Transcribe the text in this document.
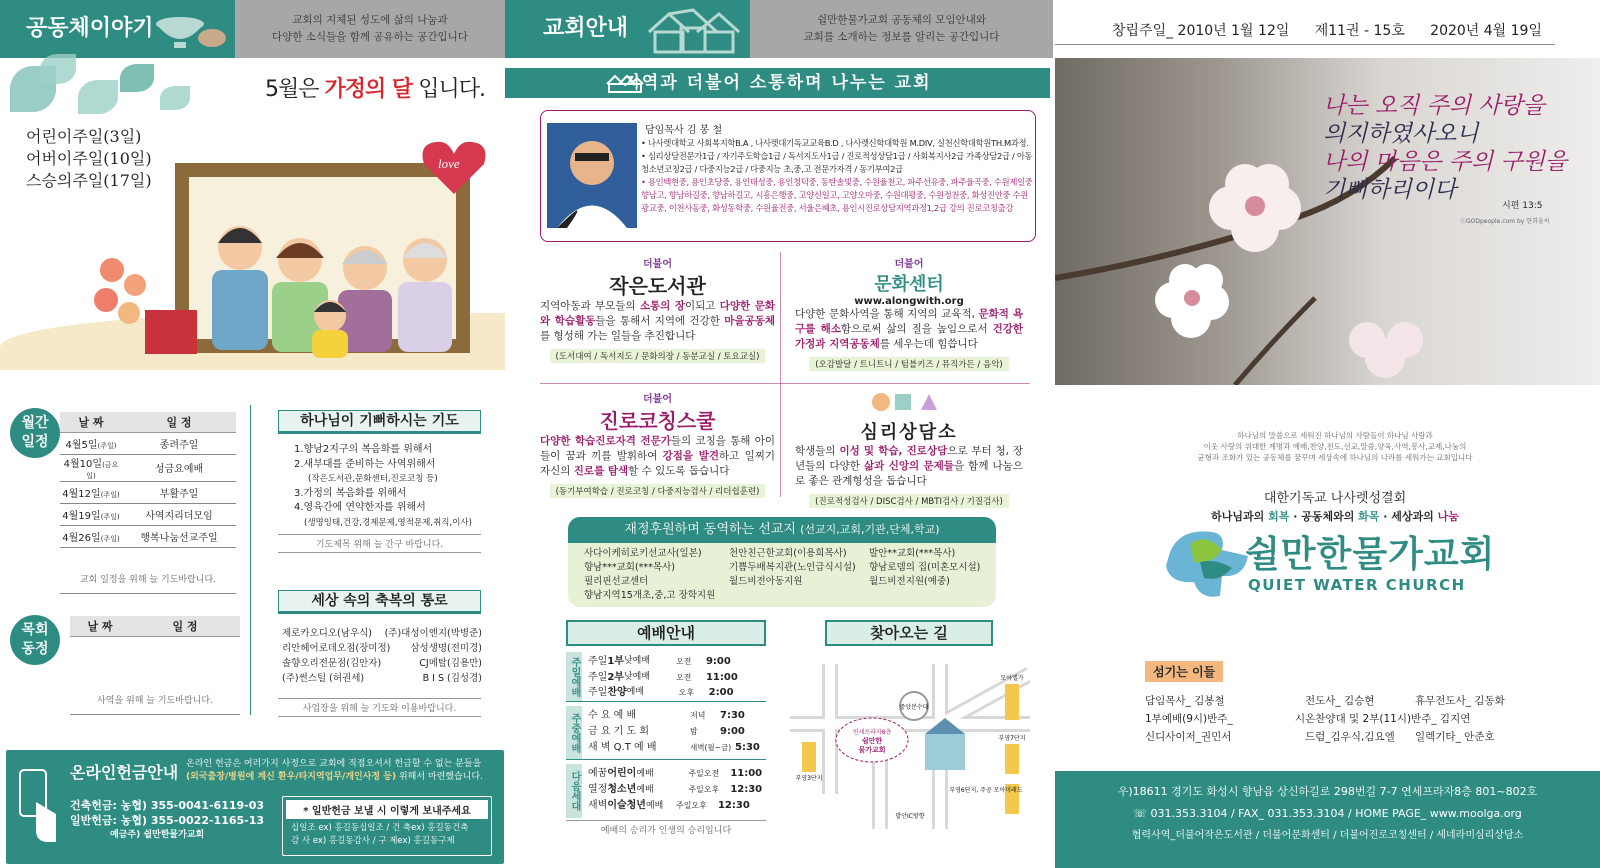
공동체이야기	교회의 지체된 성도에 삶의 나눔과
다양한 소식들을 함께 공유하는 공간입니다
love
5월은 가정의 달 입니다.
어린이주일(3일)
어버이주일(10일)
스승의주일(17일)
월간
일정
날 짜	일 정
4월5일(주일)	종려주일
4월10일(금요일)	성금요예배
4월12일(주일)	부활주일
4월19일(주일)	사역지리더모임
4월26일(주일)	행복나눔선교주일
교회 일정을 위해 늘 기도바랍니다.	
목회
동정
날 짜	일 정
사역을 위해 늘 기도바랍니다.
하나님이 기뻐하시는 기도
1.향남2지구의 복음화를 위해서
2.새부대를 준비하는 사역위해서
(작은도서관,문화센터,진로코칭 등)
3.가정의 복음화를 위해서
4.영육간에 연약한자를 위해서
(생명잉태,건강,경제문제,영적문제,취직,이사)
기도제목 위해 늘 간구 바랍니다.
세상 속의 축복의 통로
제로카오디오(남우식) (주)대성이엔지(박병준)
리안헤어로데오점(장미정) 삼성생명(전미경)
솔향오리전문점(김안자)	CJ메탈(김용만)
(주)썬스틸 (허권세)	B I S (김성경)
사업장을 위해 늘 기도와 이용바랍니다.
온라인헌금안내 온라인 헌금은 여러가지 사정으로 교회에 직접오셔서 헌금할 수 없는 분들을
(외국출장/병원에 계신 환우/타지역업무/개인사정 등) 위해서 마련했습니다.
건축헌금: 농협) 355-0041-6119-03
일반헌금: 농협) 355-0022-1165-13
예금주) 쉴만한물가교회
* 일반헌금 보낼 시 이렇게 보내주세요
십일조 ex) 홍길동십일조 / 건 축ex) 홍길동건축
감 사 ex) 홍길동감사 / 구 제ex) 홍길동구제
교회안내	쉴만한물가교회 공동체의 모임안내와
교회를 소개하는 정보를 알리는 공간입니다
지역과 더불어 소통하며 나누는 교회
담임목사 김 봉 철
• 나사렛대학교 사회복지학B.A , 나사렛대기독교교육B.D , 나사렛신학대학원 M.DIV, 실천신학대학원TH.M과정.
• 심리상담전문가1급 / 자기주도학습1급 / 독서지도사1급 / 진로적성상담1급 / 사회복지사2급 가족상담2급 / 아동청소년코칭2급 / 다중지능2급 / 다중지능 초,중,고 전문가자격 / 동기부여2급
• 용인백현중, 용인초당중, 용인태성중, 용인청덕중, 동탄솔빛중, 수원율천고, 파주선유중, 파주율곡중, 수원제일중 향남고, 향남하길중, 향남하길고, 시흥은행중, 고양신일고, 고양오마중, 수원대평중, 수원정천중, 화성진안중 수원광교중, 이천사동중, 화성동학중, 수원율전중, 서울은혜초, 용인시진로상담지역과정1,2급 강의 진로코칭출강
더불어
작은도서관
지역아동과 부모들의 소통의 장이되고 다양한 문화와 학습활동들을 통해서 지역에 건강한 마을공동체를 형성해 가는 일들을 추진합니다
(도서대여 / 독서지도 / 문화의장 / 동분교실 / 토요교실)
더불어
문화센터
www.alongwith.org
다양한 문화사역을 통해 지역의 교육적, 문화적 욕구를 해소함으로써 삶의 질을 높임으로서 건강한 가정과 지역공동체를 세우는데 힘씁니다
(오감발달 / 트니트니 / 텀블키즈 / 뮤직가든 / 음악)
더불어
진로코칭스쿨
다양한 학습진로자격 전문가들의 코칭을 통해 아이들이 꿈과 끼를 발휘하여 강점을 발견하고 일찌기 자신의 진로를 탐색할 수 있도록 돕습니다
(동기부여학습 / 진로코칭 / 다중지능검사 / 리더쉽훈련)
심리상담소
학생들의 이성 및 학습, 진로상담으로 부터 청, 장년들의 다양한 삶과 신앙의 문제들을 함께 나눔으로 좋은 관계형성을 돕습니다
(진로적성검사 / DISC검사 / MBTI검사 / 기질검사)
재정후원하며 동역하는 선교지 (선교지,교회,기관,단체,학교)
사다이케히로키선교사(일본)	천안친근한교회(이용희목사)	발안**교회(***목사)
향남***교회(***목사)	기쁨두배복지관(노인급식시설)	향남로뎀의 집(미혼모시설)
필리핀선교센터	월드비전아동지원	월드비전지원(예중)
향남지역15개초,중,고 장학지원
예배안내
주일예배 주일 1부 낮예배	오전	9:00
주일 2부 낮예배	오전	11:00
주일 찬양 예배	오후	2:00
주중예배 수 요 예 배	저녁	7:30
금 요 기 도 회	밤	9:00
새 벽 Q.T 예 배	새벽(월~금) 5:30
다음세대 예꿈 어린이 예배	주일오전	11:00
열정 청소년 예배	주일오후	12:30
새벽 이슬청년 예배	주일오후	12:30
예배의 승리가 인생의 승리입니다
찾아오는 길
중앙분수대
연세프라자8층
쉴만한
물가교회
모아엘가
부영7단지
부영3단지
부영6단지, 주공 모아미래도
발안IC방향
창립주일_ 2010년 1월 12일 제11권 - 15호 2020년 4월 19일
나는 오직 주의 사랑을
의지하였사오니
나의 마음은 주의 구원을
기뻐하리이다
시편 13:5
ⓒGODpeople.com by 한희울씨
하나님의 말씀으로 세워진 하나님의 사람들이 하나님 사랑과
이웃 사랑의 위대한 계명과 예배,찬양,전도,선교,말씀,양육,사역,봉사,교제,나눔의
균형과 조화가 있는 공동체를 꿈꾸며 세상속에 하나님의 나라를 세워가는 교회입니다
대한기독교 나사렛성결회
하나님과의 회복 · 공동체와의 화목 · 세상과의 나눔
쉴만한물가교회
QUIET WATER CHURCH
섬기는 이들
담임목사_ 김봉철	전도사_ 김승현	휴무전도사_ 김동화
1부예배(9시)반주_	시온찬양대 및 2부(11시)반주_ 김지연
신디사이저_권민서	드럼_김우식,김요엘	일렉기타_ 안준호
우)18611 경기도 화성시 향남읍 상신하길로 298번길 7-7 연세프라자8층 801~802호
☏ 031.353.3104 / FAX_ 031.353.3104 / HOME PAGE_ www.moolga.org
협력사역_더불어작은도서관 / 더불어문화센터 / 더불어진로코칭센터 / 세네라미심리상담소
